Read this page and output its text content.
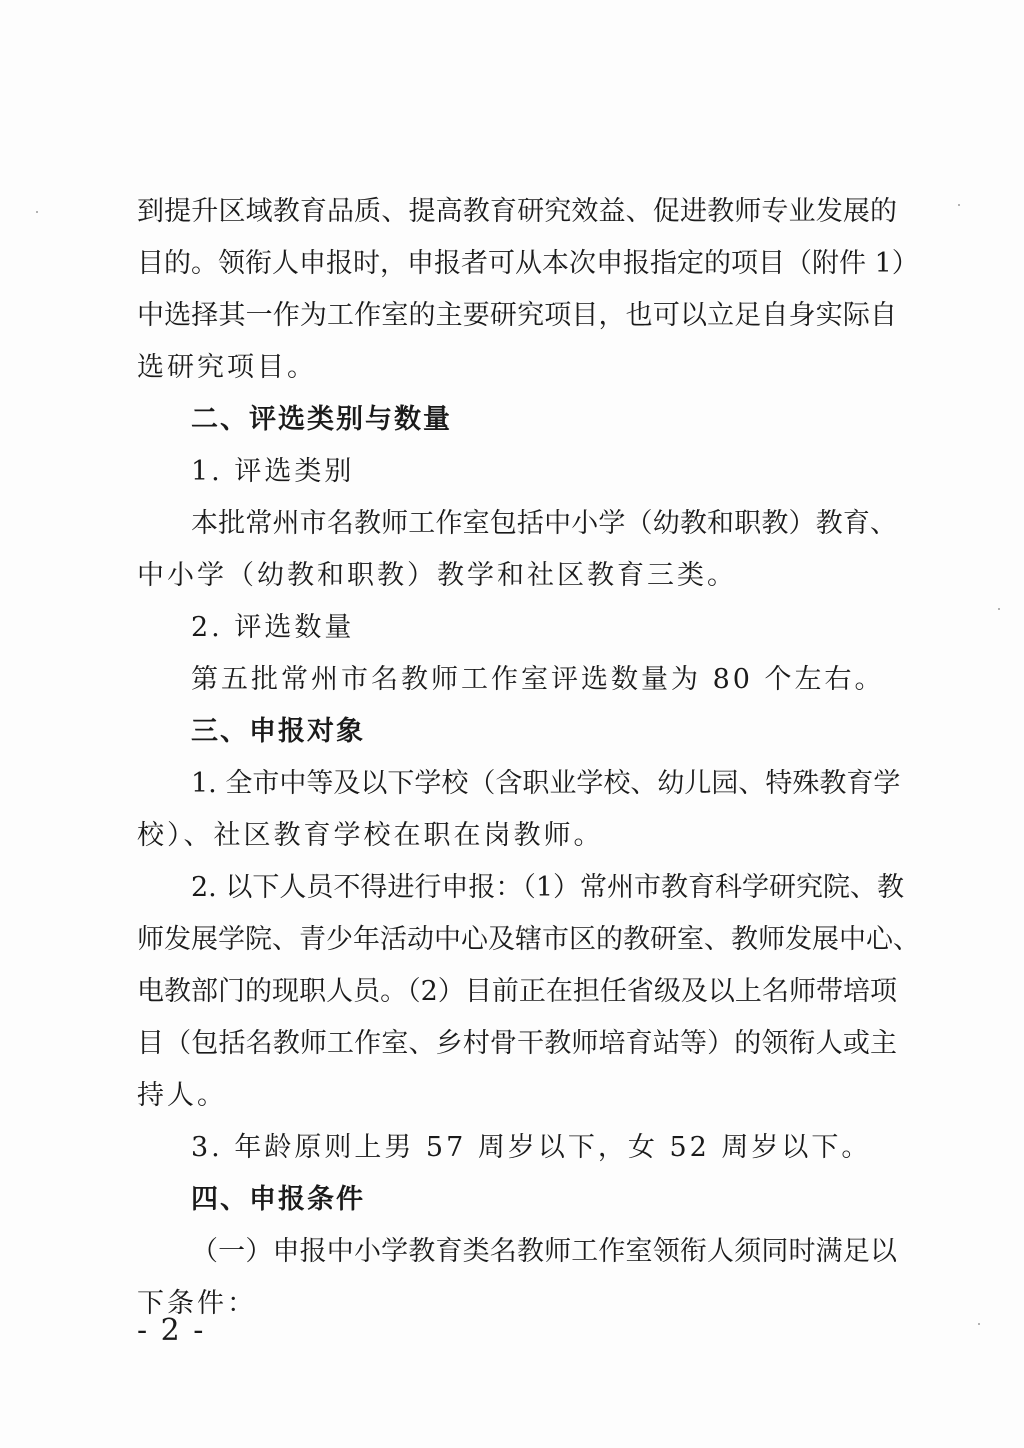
到提升区域教育品质、提高教育研究效益、促进教师专业发展的
目的。领衔人申报时，申报者可从本次申报指定的项目（附件 1）
中选择其一作为工作室的主要研究项目，也可以立足自身实际自
选研究项目。
二、评选类别与数量
1. 评选类别
本批常州市名教师工作室包括中小学（幼教和职教）教育、
中小学（幼教和职教）教学和社区教育三类。
2. 评选数量
第五批常州市名教师工作室评选数量为 80 个左右。
三、申报对象
1. 全市中等及以下学校（含职业学校、幼儿园、特殊教育学
校）、社区教育学校在职在岗教师。
2. 以下人员不得进行申报：（1）常州市教育科学研究院、教
师发展学院、青少年活动中心及辖市区的教研室、教师发展中心、
电教部门的现职人员。（2）目前正在担任省级及以上名师带培项
目（包括名教师工作室、乡村骨干教师培育站等）的领衔人或主
持人。
3. 年龄原则上男 57 周岁以下，女 52 周岁以下。
四、申报条件
（一）申报中小学教育类名教师工作室领衔人须同时满足以
下条件：
- 2 -
